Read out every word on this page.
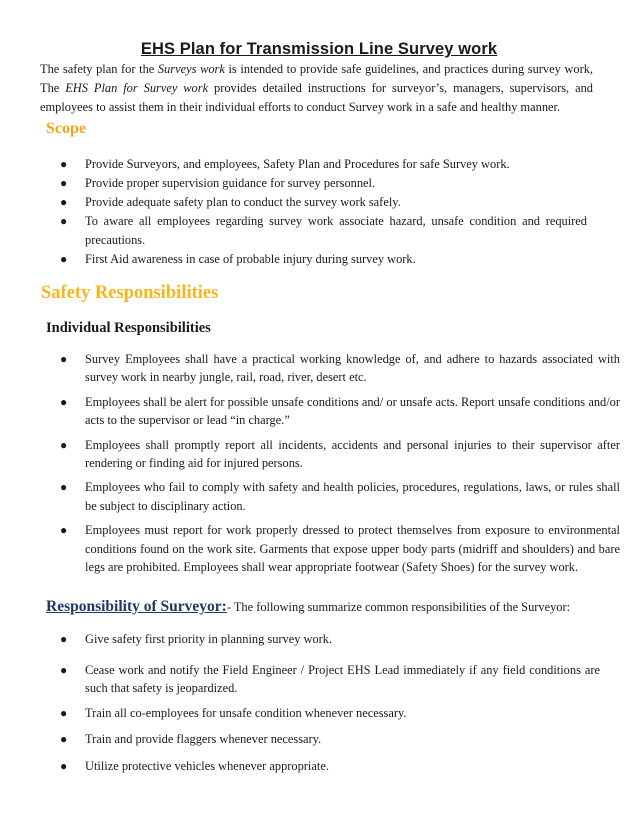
EHS Plan for Transmission Line Survey work

The safety plan for the Surveys work is intended to provide safe guidelines, and practices during survey work, The EHS Plan for Survey work provides detailed instructions for surveyor’s, managers, supervisors, and employees to assist them in their individual efforts to conduct Survey work in a safe and healthy manner.

Scope
● Provide Surveyors, and employees, Safety Plan and Procedures for safe Survey work.
● Provide proper supervision guidance for survey personnel.
● Provide adequate safety plan to conduct the survey work safely.
● To aware all employees regarding survey work associate hazard, unsafe condition and required precautions.
● First Aid awareness in case of probable injury during survey work.
Safety Responsibilities
Individual Responsibilities
● Survey Employees shall have a practical working knowledge of, and adhere to hazards associated with survey work in nearby jungle, rail, road, river, desert etc.
● Employees shall be alert for possible unsafe conditions and/ or unsafe acts. Report unsafe conditions and/or acts to the supervisor or lead “in charge.”
● Employees shall promptly report all incidents, accidents and personal injuries to their supervisor after rendering or finding aid for injured persons.
● Employees who fail to comply with safety and health policies, procedures, regulations, laws, or rules shall be subject to disciplinary action.
● Employees must report for work properly dressed to protect themselves from exposure to environmental conditions found on the work site. Garments that expose upper body parts (midriff and shoulders) and bare legs are prohibited. Employees shall wear appropriate footwear (Safety Shoes) for the survey work.

Responsibility of Surveyor:- The following summarize common responsibilities of the Surveyor:

● Give safety first priority in planning survey work.
● Cease work and notify the Field Engineer / Project EHS Lead immediately if any field conditions are such that safety is jeopardized.
● Train all co-employees for unsafe condition whenever necessary.
● Train and provide flaggers whenever necessary.
● Utilize protective vehicles whenever appropriate.
